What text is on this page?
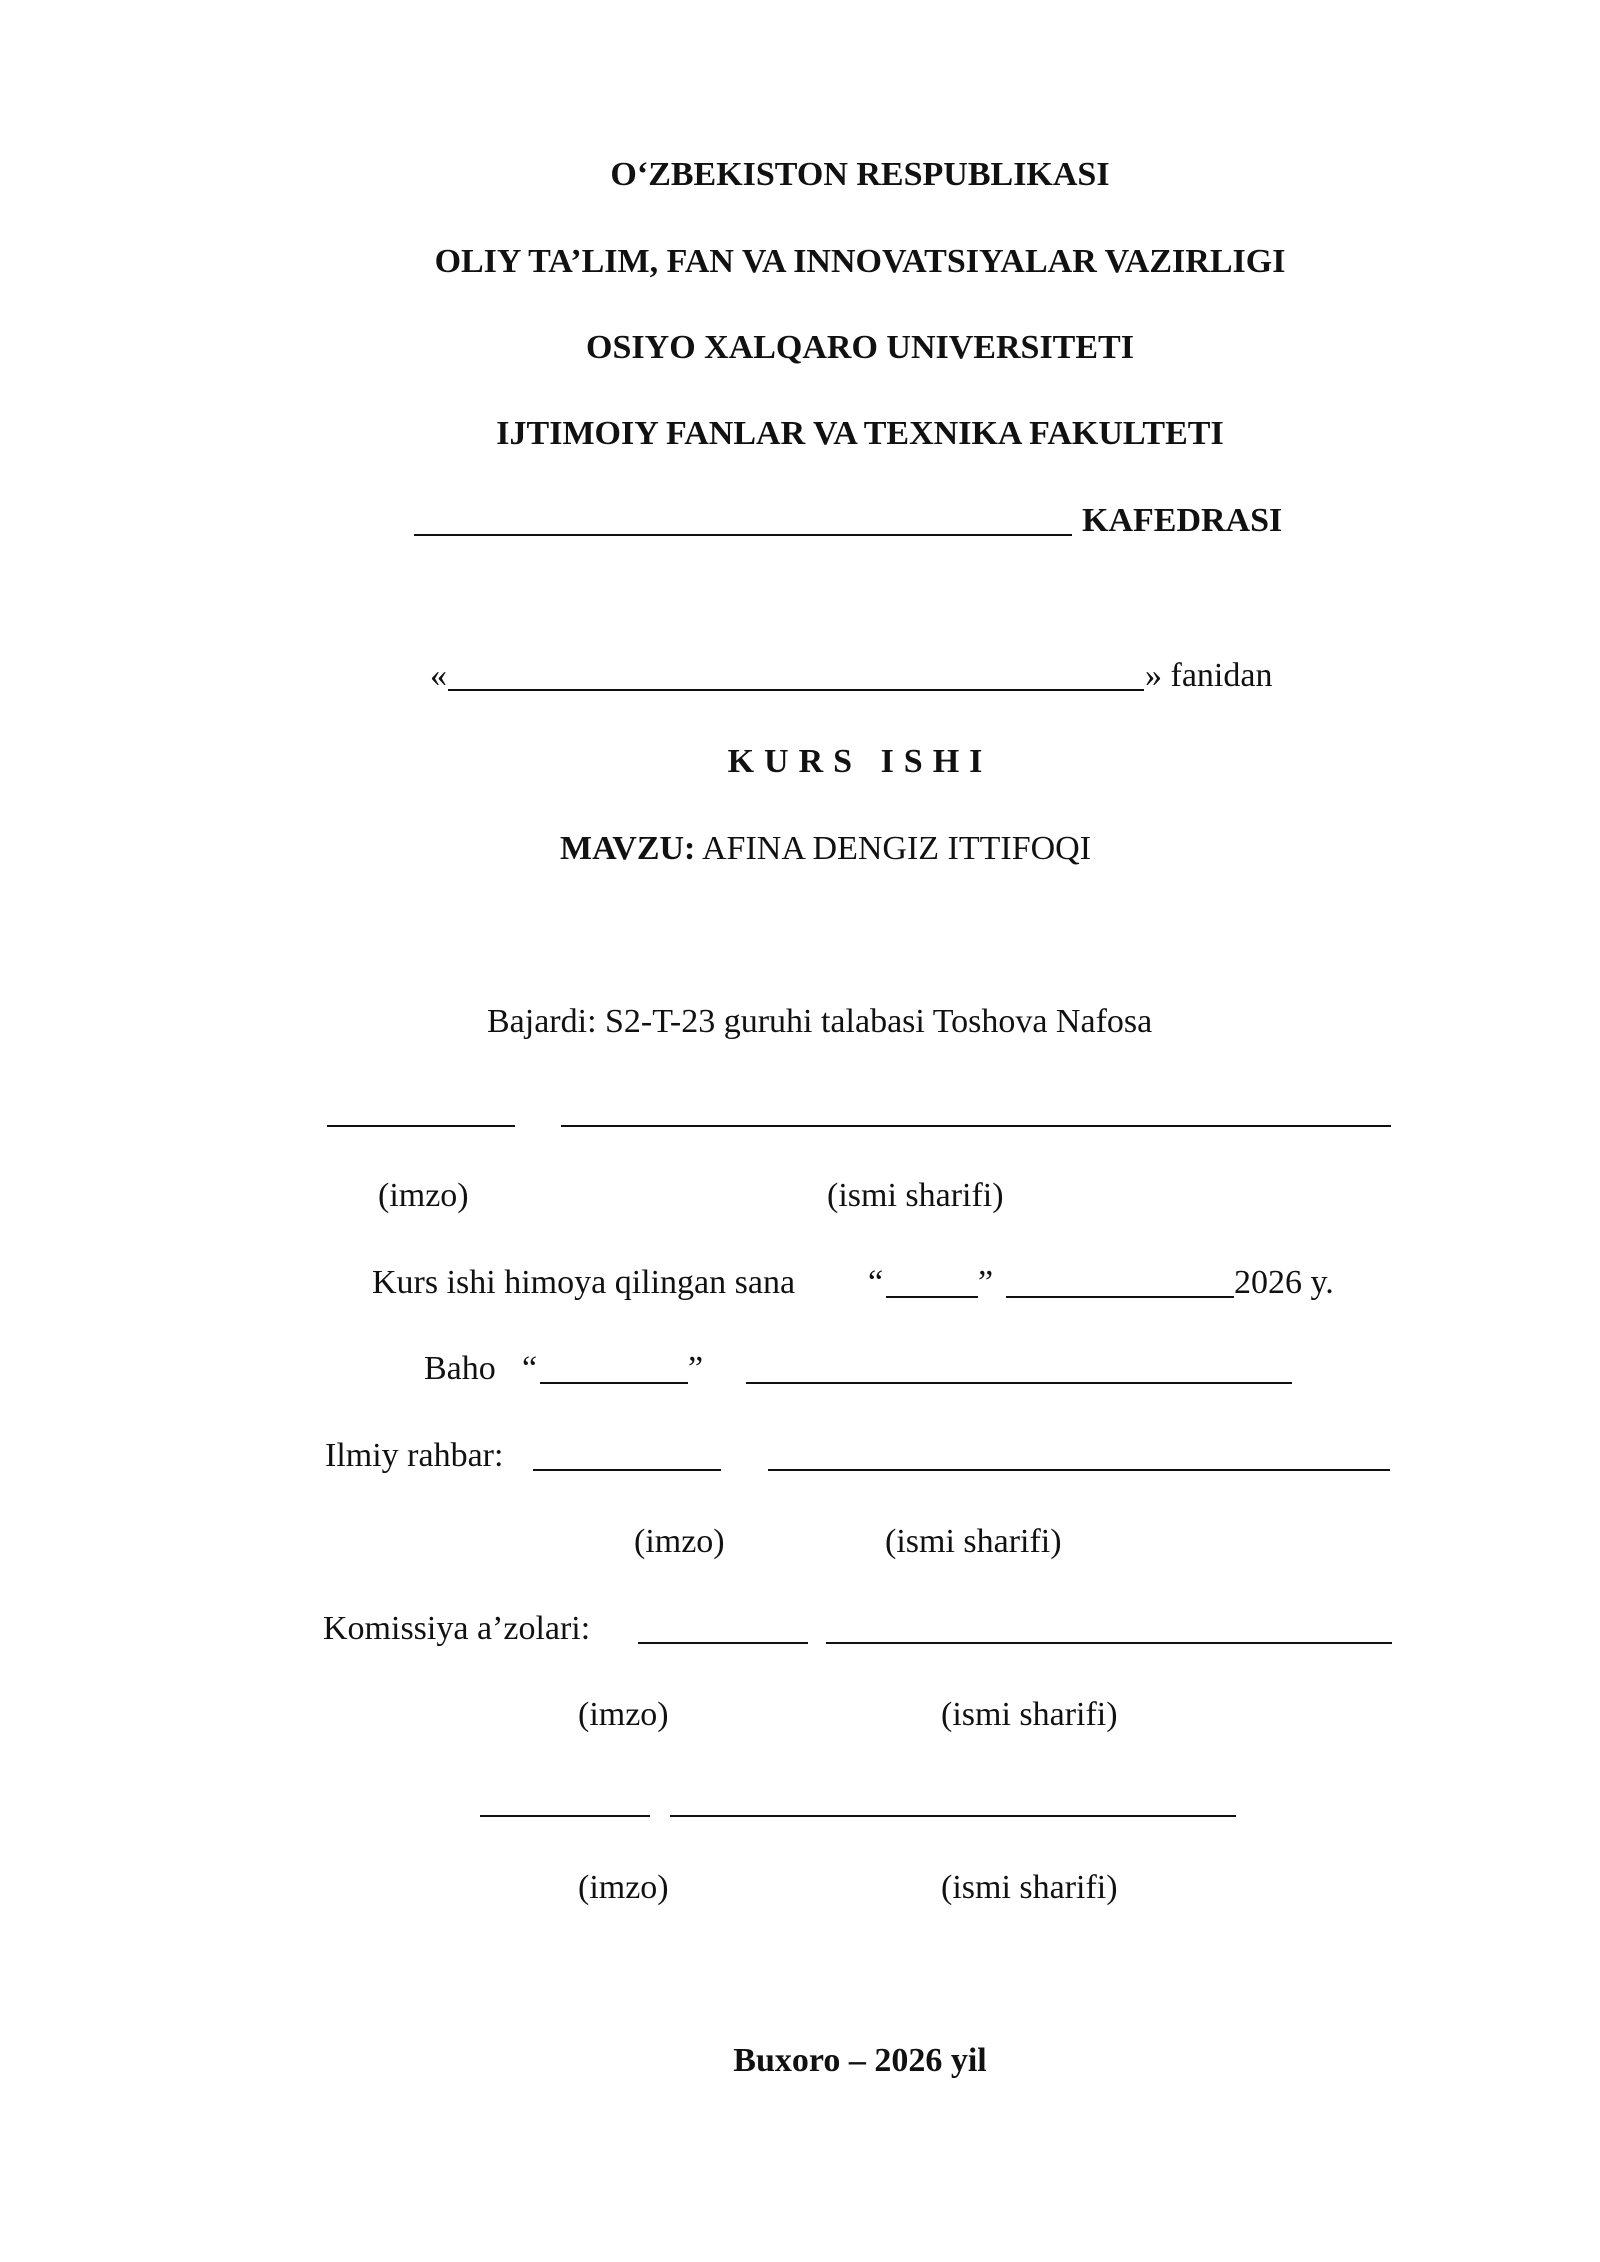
O‘ZBEKISTON RESPUBLIKASI
OLIY TA’LIM, FAN VA INNOVATSIYALAR VAZIRLIGI
OSIYO XALQARO UNIVERSITETI
IJTIMOIY FANLAR VA TEXNIKA FAKULTETI
KAFEDRASI
«	» fanidan
KURS ISHI
MAVZU: AFINA DENGIZ ITTIFOQI
Bajardi: S2-T-23 guruhi talabasi Toshova Nafosa
(imzo)	(ismi sharifi)
Kurs ishi himoya qilingan sana “	”	2026 y.
Baho “	”
Ilmiy rahbar:
(imzo)	(ismi sharifi)
Komissiya a’zolari:
(imzo)	(ismi sharifi)
(imzo)	(ismi sharifi)
Buxoro – 2026 yil
